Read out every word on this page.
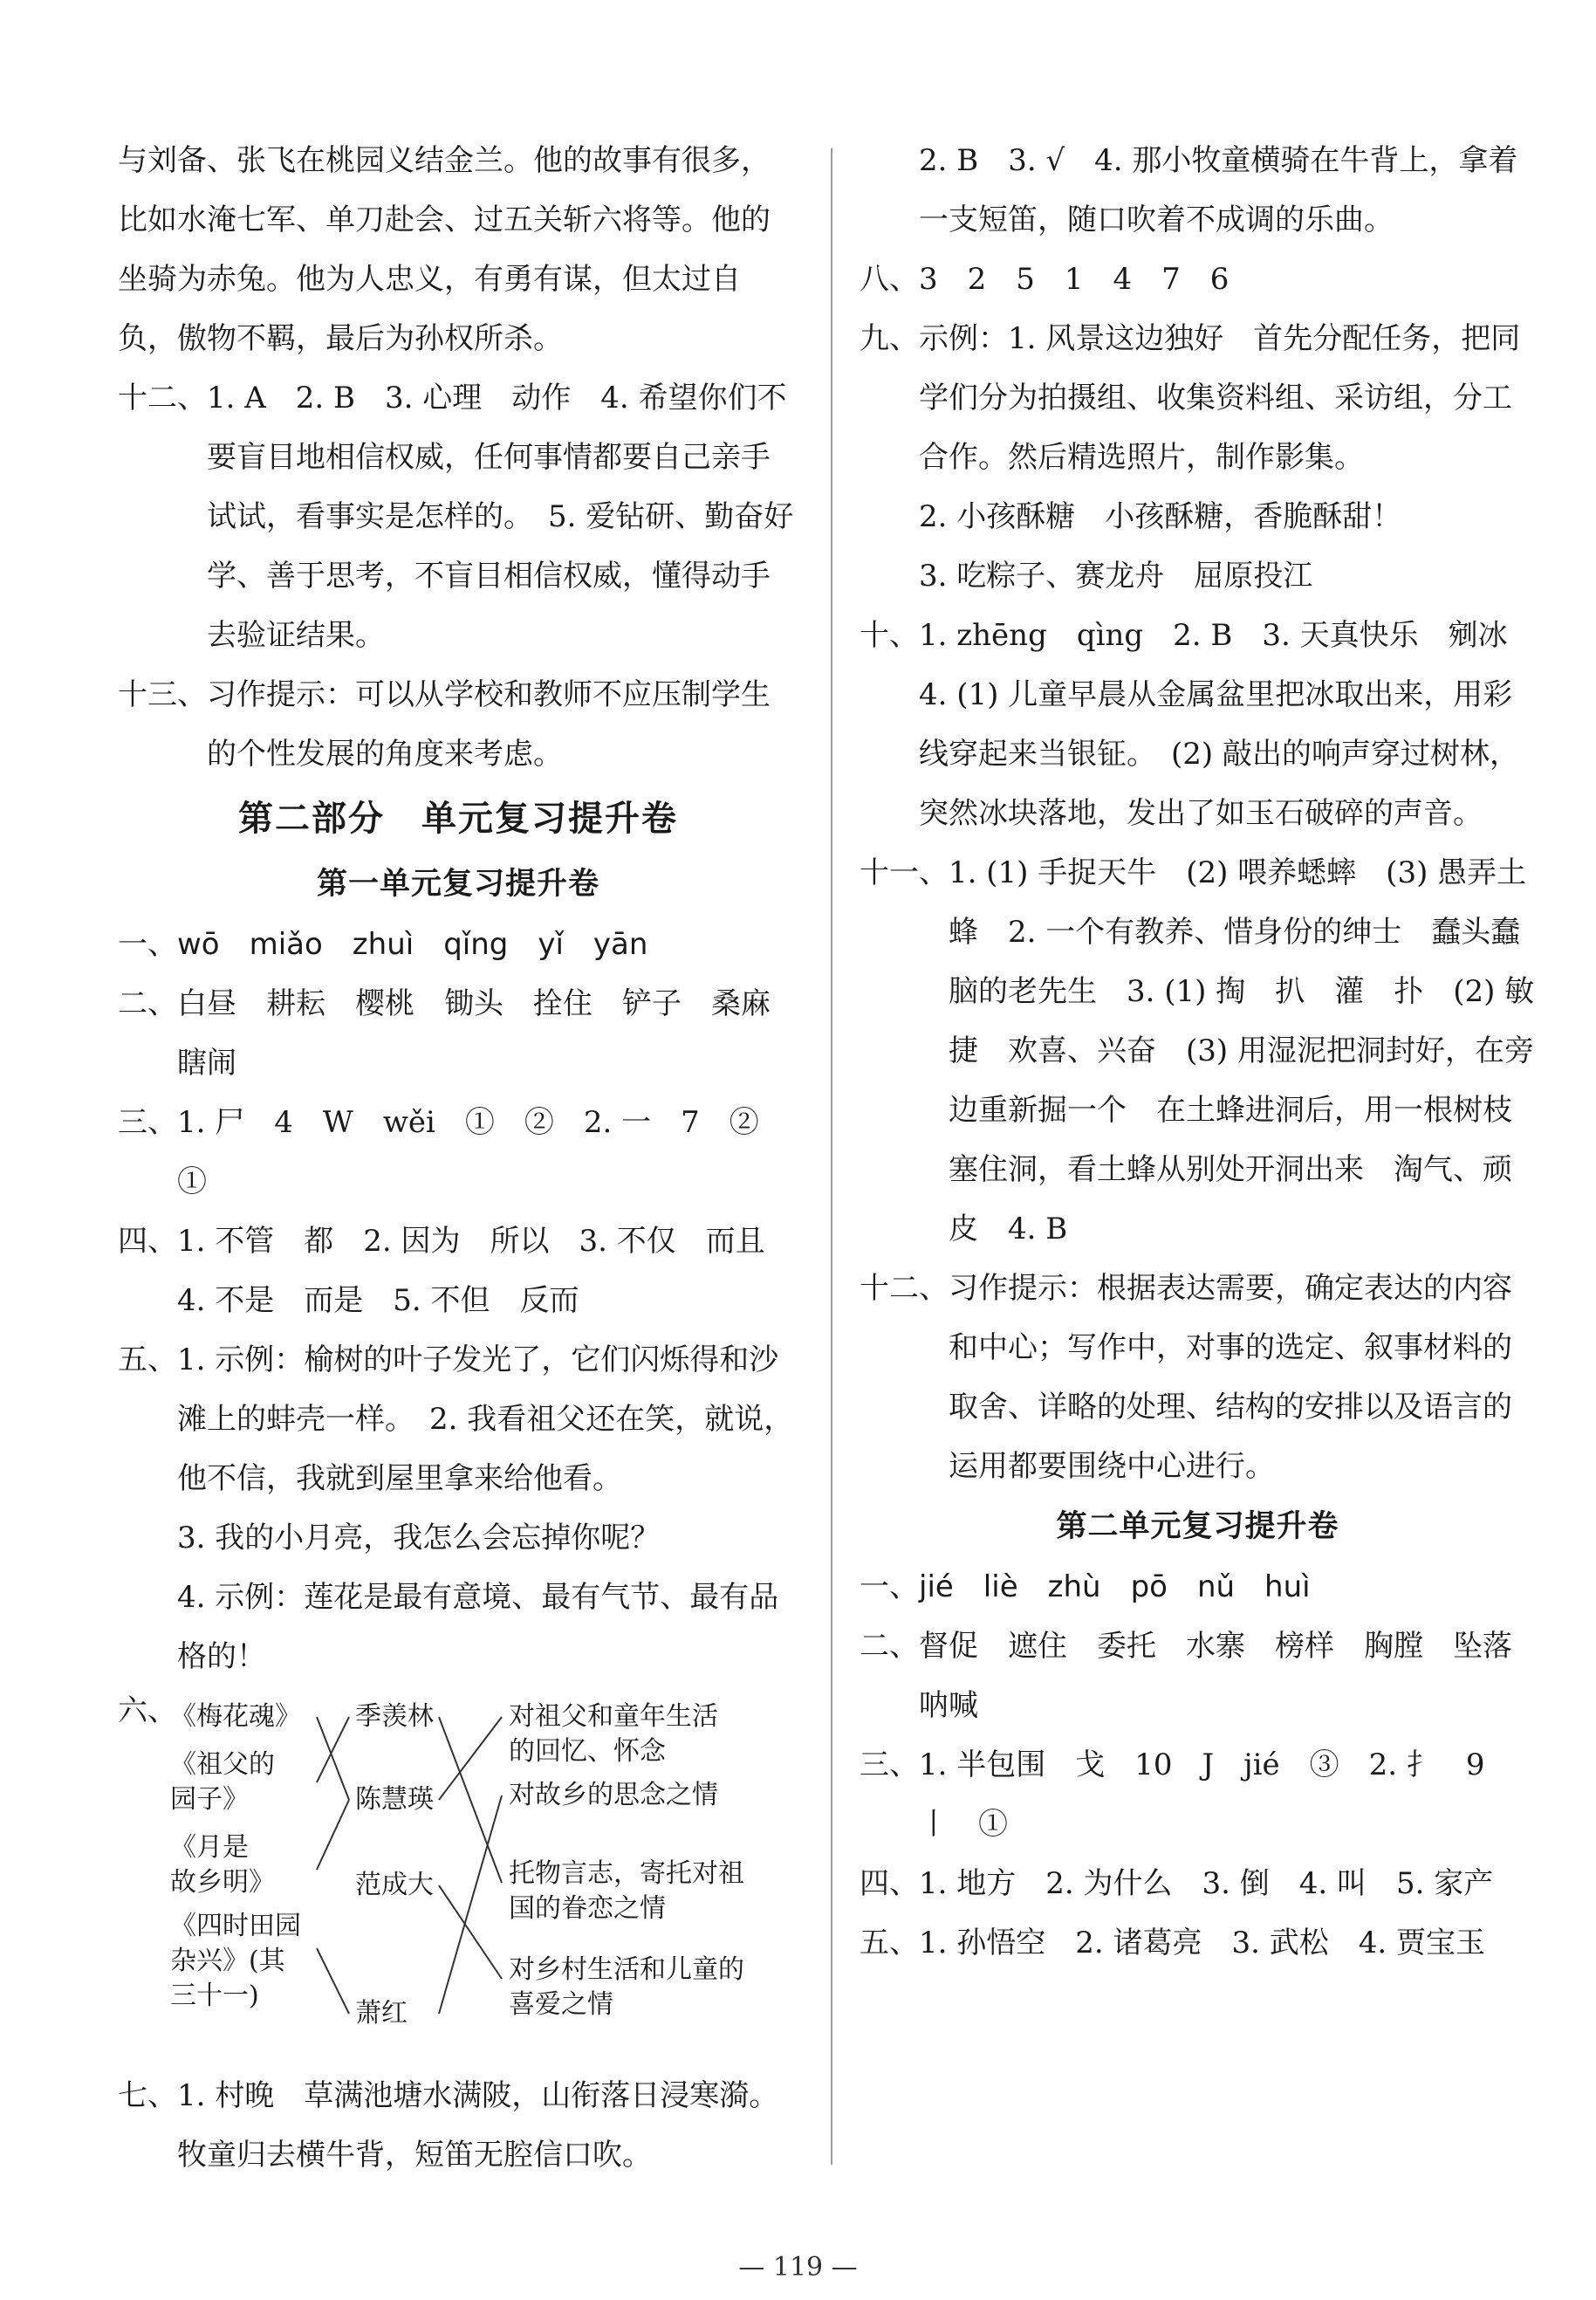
与刘备、张飞在桃园义结金兰。他的故事有很多，比如水淹七军、单刀赴会、过五关斩六将等。他的坐骑为赤兔。他为人忠义，有勇有谋，但太过自负，傲物不羁，最后为孙权所杀。
十二、 1. A　2. B　3. 心理　动作　4. 希望你们不要盲目地相信权威，任何事情都要自己亲手试试，看事实是怎样的。　5. 爱钻研、勤奋好学、善于思考，不盲目相信权威，懂得动手去验证结果。
十三、 习作提示：可以从学校和教师不应压制学生的个性发展的角度来考虑。
第二部分　单元复习提升卷
第一单元复习提升卷
一、 wō　miǎo　zhuì　qǐng　yǐ　yān
二、 白昼　耕耘　樱桃　锄头　拴住　铲子　桑麻　瞎闹
三、 1. 尸　4　W　wěi　①　②　2. 一　7　②　①
四、 1. 不管　都　2. 因为　所以　3. 不仅　而且　4. 不是　而是　5. 不但　反而
五、 1. 示例：榆树的叶子发光了，它们闪烁得和沙滩上的蚌壳一样。　2. 我看祖父还在笑，就说，他不信，我就到屋里拿来给他看。
3. 我的小月亮，我怎么会忘掉你呢？
4. 示例：莲花是最有意境、最有气节、最有品格的！
六、
《梅花魂》
《祖父的
园子》
《月是
故乡明》
《四时田园
杂兴》(其
三十一)
季羡林
陈慧瑛
范成大
萧红
对祖父和童年生活
的回忆、怀念
对故乡的思念之情
托物言志，寄托对祖
国的眷恋之情
对乡村生活和儿童的
喜爱之情
七、 1. 村晚　草满池塘水满陂，山衔落日浸寒漪。牧童归去横牛背，短笛无腔信口吹。
2. B　3. √　4. 那小牧童横骑在牛背上，拿着一支短笛，随口吹着不成调的乐曲。
八、 3　2　5　1　4　7　6
九、 示例：1. 风景这边独好　首先分配任务，把同学们分为拍摄组、收集资料组、采访组，分工合作。然后精选照片，制作影集。
2. 小孩酥糖　小孩酥糖，香脆酥甜！
3. 吃粽子、赛龙舟　屈原投江
十、 1. zhēng　qìng　2. B　3. 天真快乐　剜冰　4. (1) 儿童早晨从金属盆里把冰取出来，用彩线穿起来当银钲。　(2) 敲出的响声穿过树林，突然冰块落地，发出了如玉石破碎的声音。
十一、 1. (1) 手捉天牛　(2) 喂养蟋蟀　(3) 愚弄土蜂　2. 一个有教养、惜身份的绅士　蠢头蠢脑的老先生　3. (1) 掏　扒　灌　扑　(2) 敏捷　欢喜、兴奋　(3) 用湿泥把洞封好，在旁边重新掘一个　在土蜂进洞后，用一根树枝塞住洞，看土蜂从别处开洞出来　淘气、顽皮　4. B
十二、 习作提示：根据表达需要，确定表达的内容和中心；写作中，对事的选定、叙事材料的取舍、详略的处理、结构的安排以及语言的运用都要围绕中心进行。
第二单元复习提升卷
一、 jié　liè　zhù　pō　nǔ　huì
二、 督促　遮住　委托　水寨　榜样　胸膛　坠落　呐喊
三、 1. 半包围　戈　10　J　jié　③　2. 扌　9　丨　①
四、 1. 地方　2. 为什么　3. 倒　4. 叫　5. 家产
五、 1. 孙悟空　2. 诸葛亮　3. 武松　4. 贾宝玉
— 119 —
